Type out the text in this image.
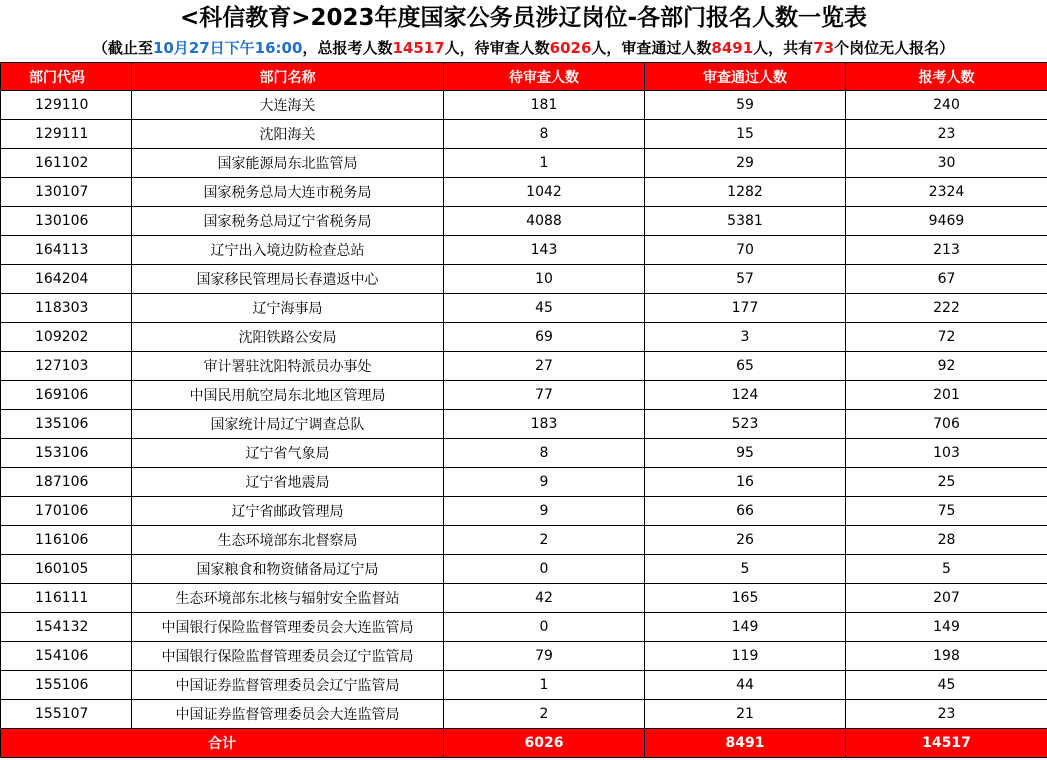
<科信教育>2023年度国家公务员涉辽岗位-各部门报名人数一览表
（截止至10月27日下午16:00，总报考人数14517人，待审查人数6026人，审查通过人数8491人，共有73个岗位无人报名）
部门代码	部门名称	待审查人数	审查通过人数	报考人数
129110	大连海关	181	59	240
129111	沈阳海关	8	15	23
161102	国家能源局东北监管局	1	29	30
130107	国家税务总局大连市税务局	1042	1282	2324
130106	国家税务总局辽宁省税务局	4088	5381	9469
164113	辽宁出入境边防检查总站	143	70	213
164204	国家移民管理局长春遣返中心	10	57	67
118303	辽宁海事局	45	177	222
109202	沈阳铁路公安局	69	3	72
127103	审计署驻沈阳特派员办事处	27	65	92
169106	中国民用航空局东北地区管理局	77	124	201
135106	国家统计局辽宁调查总队	183	523	706
153106	辽宁省气象局	8	95	103
187106	辽宁省地震局	9	16	25
170106	辽宁省邮政管理局	9	66	75
116106	生态环境部东北督察局	2	26	28
160105	国家粮食和物资储备局辽宁局	0	5	5
116111	生态环境部东北核与辐射安全监督站	42	165	207
154132	中国银行保险监督管理委员会大连监管局	0	149	149
154106	中国银行保险监督管理委员会辽宁监管局	79	119	198
155106	中国证券监督管理委员会辽宁监管局	1	44	45
155107	中国证券监督管理委员会大连监管局	2	21	23
合计		6026	8491	14517
